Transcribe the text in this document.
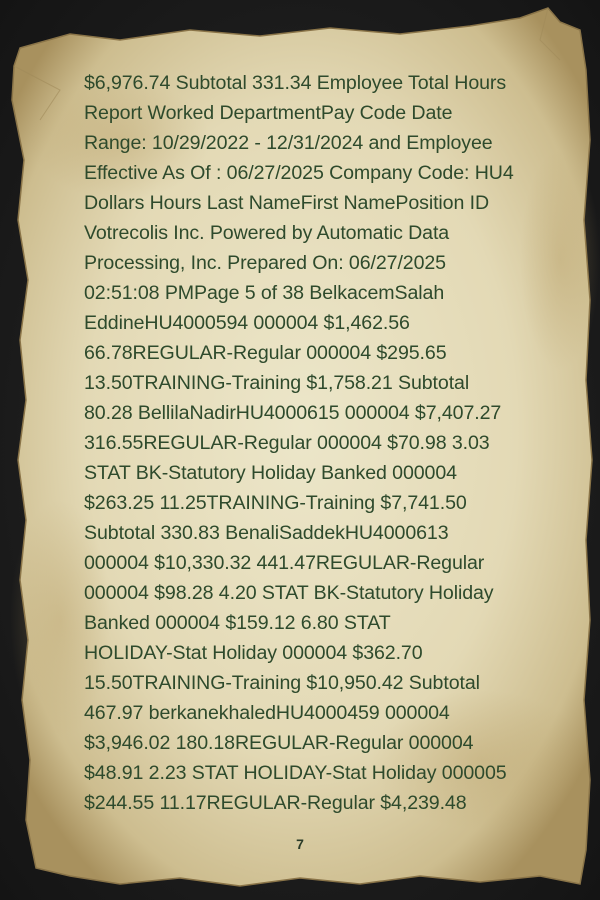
$6,976.74 Subtotal 331.34 Employee Total Hours
Report Worked DepartmentPay Code Date
Range: 10/29/2022 - 12/31/2024 and Employee
Effective As Of : 06/27/2025 Company Code: HU4
Dollars Hours Last NameFirst NamePosition ID
Votrecolis Inc. Powered by Automatic Data
Processing, Inc. Prepared On: 06/27/2025
02:51:08 PMPage 5 of 38 BelkacemSalah
EddineHU4000594 000004 $1,462.56
66.78REGULAR-Regular 000004 $295.65
13.50TRAINING-Training $1,758.21 Subtotal
80.28 BellilaNadirHU4000615 000004 $7,407.27
316.55REGULAR-Regular 000004 $70.98 3.03
STAT BK-Statutory Holiday Banked 000004
$263.25 11.25TRAINING-Training $7,741.50
Subtotal 330.83 BenaliSaddekHU4000613
000004 $10,330.32 441.47REGULAR-Regular
000004 $98.28 4.20 STAT BK-Statutory Holiday
Banked 000004 $159.12 6.80 STAT
HOLIDAY-Stat Holiday 000004 $362.70
15.50TRAINING-Training $10,950.42 Subtotal
467.97 berkanekhaledHU4000459 000004
$3,946.02 180.18REGULAR-Regular 000004
$48.91 2.23 STAT HOLIDAY-Stat Holiday 000005
$244.55 11.17REGULAR-Regular $4,239.48
7
